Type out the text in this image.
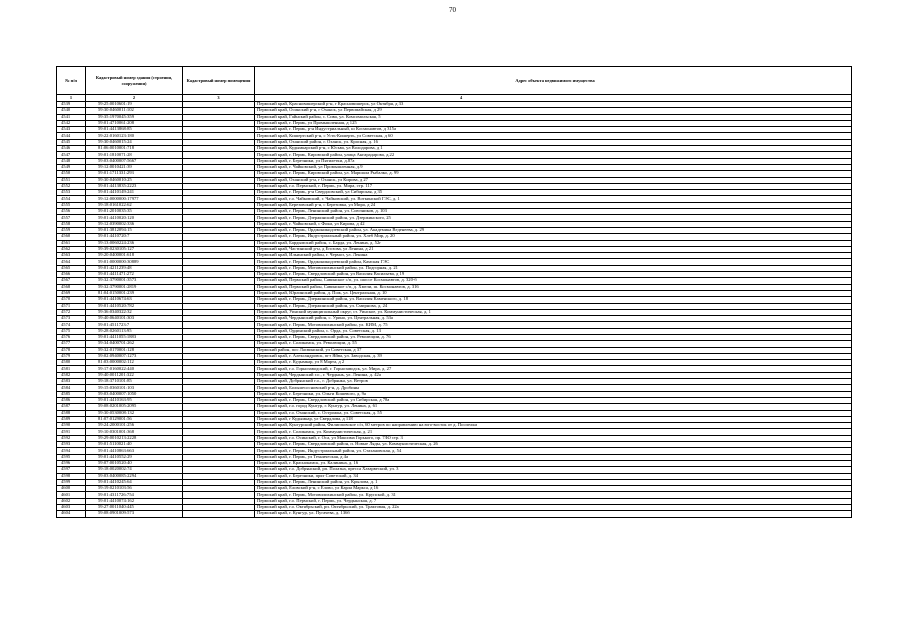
70
№ п/п	Кадастровый номер здания (строения, сооружения)	Кадастровый номер помещения	Адрес объекта недвижимого имущества
1	2	3	4
4539	59:25:0010601:19		Пермский край, Красновишерский р-н, г Красновишерск, ул Октября, д 33
4540	59:30:0460011:102		Пермский край, Осинский р-н, г Оханск, ул Первомайская, д 29
4541	59:35:1970045:359		Пермский край, Гайнский район, с. Сива, ул. Комсомольская, 5
4542	59:01:4710061:208		Пермский край, г. Пермь, ул Промышленная, д 125
4543	59:01:4413868:85		Пермский край, г. Пермь, р-н Индустриальный, ш Космонавтов, д 315а
4544	59:22:0160123:180		Пермский край, Кишертский р-н, с Усть-Кишерть, ул Советская, д 60
4545	59:30:0460015:24		Пермский край, Оханский район, г. Оханск, ул. Красная, д. 16
4546	81:06:0010001:718		Пермский край, Кудымкарский р-н, с Юсьва, ул Володарова, д 1
4547	59:01:1810071:28		Пермский край, г. Пермь, Кировский район, улица Ангарадарова, д.22
4548	59:03:0400007:5667		Пермский край, г. Березники, ул Пятилетки, д.87а
4549	59:12:0010421:39		Пермский край, г. Чайковский, ул Промышленная, д.9
4550	59:01:1711331:293		Пермский край, г. Пермь, Кировский район, ул. Маршала Рыбалко, д. 99
4551	59:30:0460010:25		Пермский край, Оханский р-н, г Оханск, ул Кирова, д 27
4552	59:01:4413835:2223		Пермский край, г.о. Пермский, г. Пермь, ул. Мира, стр. 117
4553	59:01:4410149:241		Пермский край, г. Пермь, р-н Свердловский, ул Сибирская, д 35
4554	59:12:0000000:17977		Пермский край, г.о. Чайковский, г. Чайковский, ул. Воткинской ГЭС, д. 1
4555	59:18:0161022:62		Пермский край, Березовский р-н, с Березовка, ул Мира, д 24
4556	59:01:2010035:35		Пермский край, г. Пермь, Ленинский район, ул. Союзников, д. 103
4557	59:01:4410020:120		Пермский край, г. Пермь, Дзержинский район, ул. Дзержинского, 25
4558	59:12:0390002:336		Пермский край, г. Чайковский, с Фоки, ул Кирова, д 42
4559	59:01:3812094:15		Пермский край, г. Пермь, Орджоникидзевский район, ул. Академика Веденеева, д. 29
4560	59:01:4410720:7		Пермский край, г. Пермь, Индустриальный район, ул. Хлеб Мир, д. 20
4561	59:13:0060224:236		Пермский край, Бардымский район, с. Барда, ул. Ленина, д. 52г
4562	59:39:0230105:127		Пермский край, Частинский р-н, д Егозова, ул Ленина, д 21
4563	59:20:0400001:618		Пермский край, Ильинский район, г. Чермоз, ул. Ленина
4564	59:01:0000000:30889		Пермский край, г. Пермь, Орджоникидзевский район, Камская ГЭС
4565	59:01:4211239:48		Пермский край, г. Пермь, Мотовилихинский район, ул. Подгорная, д. 21
4566	59:01:4411471:272		Пермский край, г. Пермь, Свердловский район, ул Василия Васильева, д 19
4567	59:32:3790001:3573		Пермский край, Пермский район, Савинское с/п, ул. шоссе Космонавтов, д. 320-б
4568	59:32:3790001:2819		Пермский край, Пермский район, Савинское с/п, д. Хмели, ш. Космонавтов, д. 316
4569	81:04:0150001:239		Пермский край, Юрлинский район, д. Пож, ул. Центральная, д. 10
4570	59:01:4410674:63		Пермский край, г. Пермь, Дзержинский район, ул. Василия Каменского, д. 18
4571	59:01:4410520:782		Пермский край, г. Пермь, Дзержинский район, ул. Смирнова, д. 24
4572	59:36:0340322:32		Пермский край, Уинский муниципальный округ, ст. Уинское, ул. Коммунистическая, д. 1
4573	59:40:0640101:303		Пермский край, Чердынский район, с. Урино, ул. Центральная, д. 53а
4574	59:01:4511723:7		Пермский край, г. Пермь, Мотовилихинский район, ул. КИМ, д. 75
4575	59:28:0260113:95		Пермский край, Ординский район, с. Орда, ул. Советская, д. 13
4576	59:01:4411055:1883		Пермский край, г. Пермь, Свердловский район, ул. Революции, д. 76
4577	59:34:0400701:262		Пермский край, г. Соликамск, ул. Революции, д. 55
4578	59:32:0170001:128		Пермский район, пос Ласвинский, ул Советская, д 37
4579	59:02:0940007:1273		Пермский край, г. Александровск, пгт Яйва, ул. Заводская, д. 39
4580	81:03:0000002:112		Пермский край, г. Кудымкар, ул 8 Марта, д 2
4581	59:17:0160022:440		Пермский край, г.о. Горнозаводский, г. Горнозаводск, ул. Мира, д. 27
4582	59:40:0011201:322		Пермский край, Чердынский г.о., г. Чердынь, ул. Ленина, д. 42а
4583	59:18:3710101:85		Пермский край, Добрянский г.о., г. Добрянка, ул. Ветров
4584	59:15:0360101:103		Пермский край, Большесосновский р-н, д. Дробины
4585	59:03:0400007:1050		Пермский край, г. Березники, ул. Ольги Кошевого, д. 9а
4586	59:01:4410163:95		Пермский край, г. Пермь, Свердловский район, ул Сибирская, д 78а
4587	59:08:0201005:2095		Пермский край, г.о. город Кунгур, г. Кунгур, ул. Ленина, д. 61
4588	59:30:0530008:132		Пермский край, г.о. Оханский, с. Острожка, ул. Советская, д. 55
4589	81:07:0129001:56		Пермский край, г Кудымкар, ул Свердлова, д 118
4590	59:24:2000101:256		Пермский край, Кунгурский район, Филипповское с/п, 60 метров по направлению на юго-восток от д. Поспелки
4591	59:10:0301001:368		Пермский край, г. Соликамск, ул. Коммунистическая, д. 21
4592	59:29:0010213:2228		Пермский край, г.о. Осинский, г. Оса, ул Максима Горького, пр. 7/Ю стр. 3
4593	59:01:5110021:40		Пермский край, г. Пермь, Свердловский район, п. Новые Ляды, ул. Коммунистическая, д. 26
4594	59:01:4410863:663		Пермский край, г. Пермь, Индустриальный район, ул. Стахановская, д. 54
4595	59:01:4410552:29		Пермский край, г. Пермь, ул Техническая, д 4а
4596	59:07:0010520:40		Пермский край, г. Краснокамск, ул. Калинина, д. 16
4597	59:18:0020002:74		Пермский край, г.о. Добрянский, рп. Полазна, пресса Хазарвеский, ул. 3
4598	59:03:0400085:2294		Пермский край, г. Березники, пркт Советский, д. 34
4599	59:01:4410245:64		Пермский край, г. Пермь, Ленинский район, ул. Крылова, д. 1
4600	59:19:0210103:56		Пермский край, Еловский р-н, с Елово, ул Карла Маркса, д 16
4601	59:01:4311726:754		Пермский край, г. Пермь, Мотовилихинский район, ул. Крупской, д. 31
4602	59:01:4410074:162		Пермский край, г.о. Пермский, г. Пермь, ул. Чердынская, д. 7
4603	59:27:0011040:445		Пермский край, г.о. Октябрьский, рп. Октябрьский, ул. Трактовая, д. 22а
4604	59:08:0901009:573		Пермский край, г. Кунгур, ул. Пугачева, д. 136б
